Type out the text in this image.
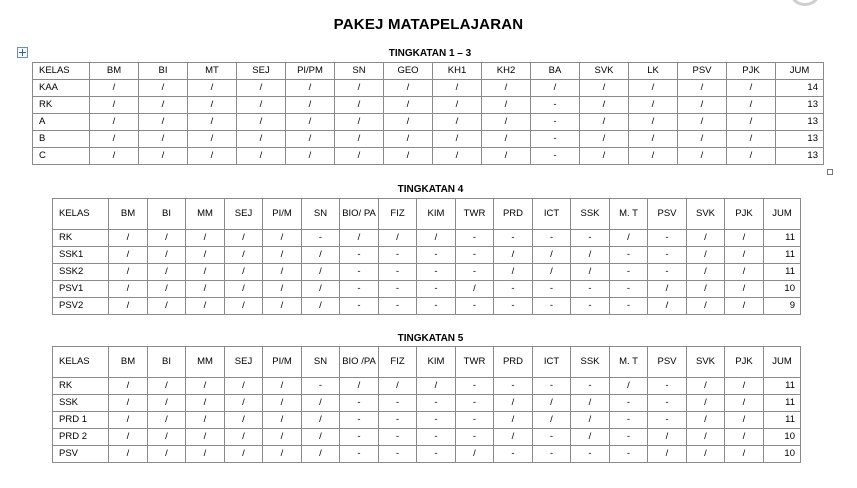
PAKEJ MATAPELAJARAN
TINGKATAN 1 – 3
KELAS	BM	BI	MT	SEJ	PI/PM	SN	GEO	KH1	KH2	BA	SVK	LK	PSV	PJK	JUM
KAA	/	/	/	/	/	/	/	/	/	/	/	/	/	/	14
RK	/	/	/	/	/	/	/	/	/	-	/	/	/	/	13
A	/	/	/	/	/	/	/	/	/	-	/	/	/	/	13
B	/	/	/	/	/	/	/	/	/	-	/	/	/	/	13
C	/	/	/	/	/	/	/	/	/	-	/	/	/	/	13
TINGKATAN 4
KELAS	BM	BI	MM	SEJ	PI/M	SN	BIO/ PA	FIZ	KIM	TWR	PRD	ICT	SSK	M. T	PSV	SVK	PJK	JUM
RK	/	/	/	/	/	-	/	/	/	-	-	-	-	/	-	/	/	11
SSK1	/	/	/	/	/	/	-	-	-	-	/	/	/	-	-	/	/	11
SSK2	/	/	/	/	/	/	-	-	-	-	/	/	/	-	-	/	/	11
PSV1	/	/	/	/	/	/	-	-	-	/	-	-	-	-	/	/	/	10
PSV2	/	/	/	/	/	/	-	-	-	-	-	-	-	-	/	/	/	9
TINGKATAN 5
KELAS	BM	BI	MM	SEJ	PI/M	SN	BIO /PA	FIZ	KIM	TWR	PRD	ICT	SSK	M. T	PSV	SVK	PJK	JUM
RK	/	/	/	/	/	-	/	/	/	-	-	-	-	/	-	/	/	11
SSK	/	/	/	/	/	/	-	-	-	-	/	/	/	-	-	/	/	11
PRD 1	/	/	/	/	/	/	-	-	-	-	/	/	/	-	-	/	/	11
PRD 2	/	/	/	/	/	/	-	-	-	-	/	-	/	-	/	/	/	10
PSV	/	/	/	/	/	/	-	-	-	/	-	-	-	-	/	/	/	10
